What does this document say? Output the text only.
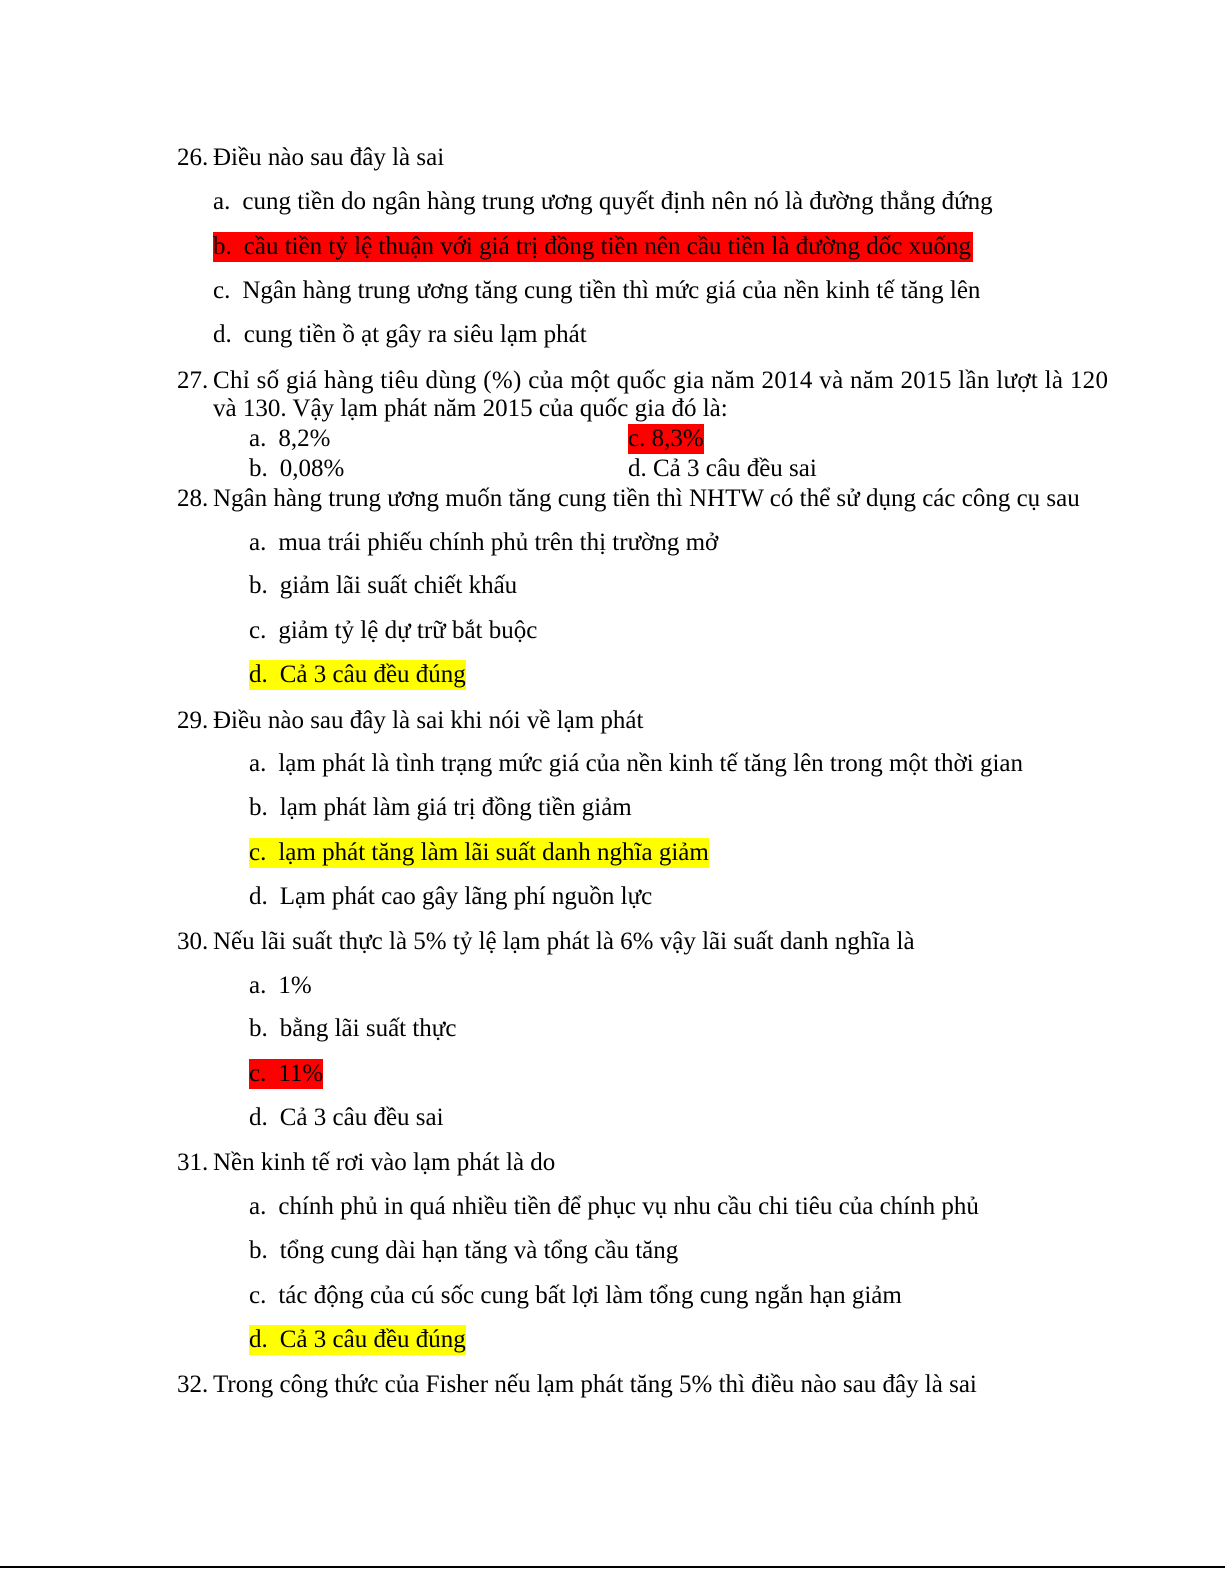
26. Điều nào sau đây là sai
a. cung tiền do ngân hàng trung ương quyết định nên nó là đường thẳng đứng
b. cầu tiền tỷ lệ thuận với giá trị đồng tiền nên cầu tiền là đường dốc xuống
c. Ngân hàng trung ương tăng cung tiền thì mức giá của nền kinh tế tăng lên
d. cung tiền ồ ạt gây ra siêu lạm phát
27. Chỉ số giá hàng tiêu dùng (%) của một quốc gia năm 2014 và năm 2015 lần lượt là 120
và 130. Vậy lạm phát năm 2015 của quốc gia đó là:
a. 8,2%
b. 0,08%
c. 8,3%
d. Cả 3 câu đều sai
28. Ngân hàng trung ương muốn tăng cung tiền thì NHTW có thể sử dụng các công cụ sau
a. mua trái phiếu chính phủ trên thị trường mở
b. giảm lãi suất chiết khấu
c. giảm tỷ lệ dự trữ bắt buộc
d. Cả 3 câu đều đúng
29. Điều nào sau đây là sai khi nói về lạm phát
a. lạm phát là tình trạng mức giá của nền kinh tế tăng lên trong một thời gian
b. lạm phát làm giá trị đồng tiền giảm
c. lạm phát tăng làm lãi suất danh nghĩa giảm
d. Lạm phát cao gây lãng phí nguồn lực
30. Nếu lãi suất thực là 5% tỷ lệ lạm phát là 6% vậy lãi suất danh nghĩa là
a. 1%
b. bằng lãi suất thực
c. 11%
d. Cả 3 câu đều sai
31. Nền kinh tế rơi vào lạm phát là do
a. chính phủ in quá nhiều tiền để phục vụ nhu cầu chi tiêu của chính phủ
b. tổng cung dài hạn tăng và tổng cầu tăng
c. tác động của cú sốc cung bất lợi làm tổng cung ngắn hạn giảm
d. Cả 3 câu đều đúng
32. Trong công thức của Fisher nếu lạm phát tăng 5% thì điều nào sau đây là sai
